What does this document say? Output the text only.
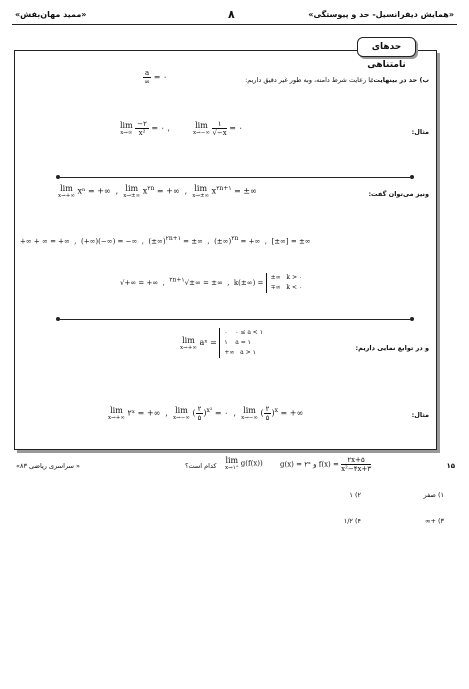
«همایش دیفرانسیل- حد و پیوستگی»
۸
«ممید مهان‌بفش»
حدهای نامتناهی
ب) حد در بینهایت:
با رعایت شرط دامنه، وبه طور غیر دقیق داریم:
$\frac{a}{\infty}$ = ۰
مثال:
lim
x→−∞
$\frac{۱}{√-x}$ = ۰
lim
x→∞
$\frac{-۲}{\text{x²}}$ = ۰ ,
ونیز می‌توان گفت:
lim
x→+∞
xⁿ = +∞  , lim
x→±∞
$x^{۲n}$ = +∞  , lim
x→±∞
$x^{۲n+۱}$ = ±∞
+∞ + ∞ = +∞  ,  (+∞)(−∞) = −∞  ,  (±∞)$^{۲n+۱}$ = ±∞  ,  (±∞)$^{۲n}$ = +∞  ,  [±∞] = ±∞
√+∞ = +∞  ,  $^{۲n+۱}$√±∞ = ±∞  ,  k(±∞) =
±∞   k > ۰
∓∞   k < ۰
و در توابع نمایی داریم:
lim
x→+∞
aˣ =
۰    ۰ ≤ a < ۱
۱    a = ۱
+∞   a > ۱
مثال:
lim
x→+∞
۲ˣ = +∞  , lim
x→−∞
( $\frac{۲}{۵} )^{x^2}$ = ۰  , lim
x→−∞
( $\frac{۲}{۵} )^x$ = +∞
« سراسری ریاضی ۸۳»	۱۵
کدام است؟
lim
x→۱⁺
g(f(x)) g(x) = ۲ˣ و $f(x) = \frac{۲x+۵}{\text{x²−۴x+۳}}$
۱) صفر
۲) ۱
۳) +∞
۴) ۱/۲
